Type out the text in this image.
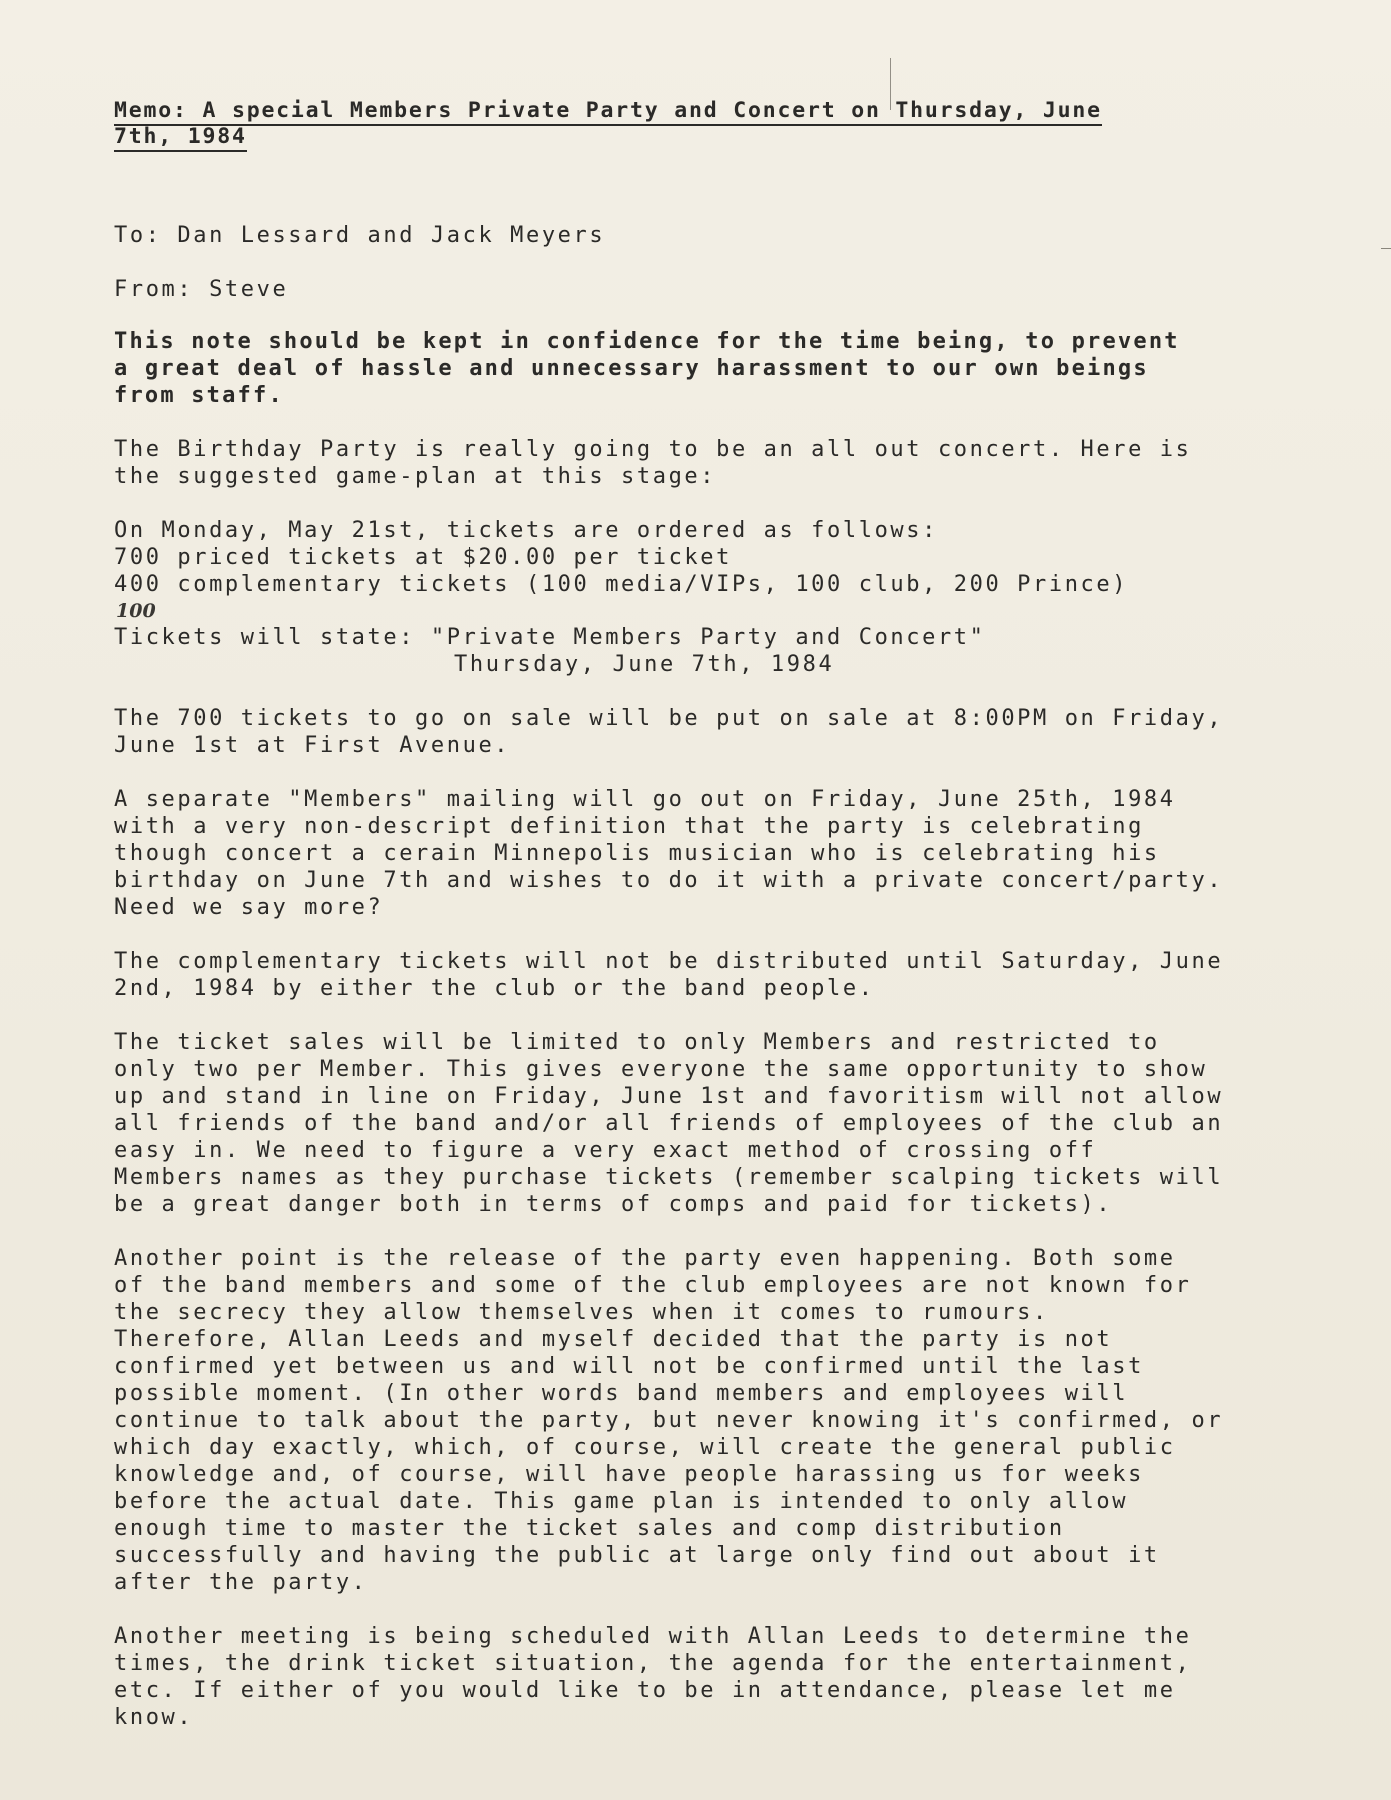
Memo: A special Members Private Party and Concert on Thursday, June
7th, 1984

To: Dan Lessard and Jack Meyers

From: Steve

This note should be kept in confidence for the time being, to prevent
a great deal of hassle and unnecessary harassment to our own beings
from staff.

The Birthday Party is really going to be an all out concert. Here is
the suggested game-plan at this stage:

On Monday, May 21st, tickets are ordered as follows:
700 priced tickets at $20.00 per ticket
400 complementary tickets (100 media/VIPs, 100 club, 200 Prince)

100

Tickets will state: "Private Members Party and Concert"

Thursday, June 7th, 1984

The 700 tickets to go on sale will be put on sale at 8:00PM on Friday,
June 1st at First Avenue.

A separate "Members" mailing will go out on Friday, June 25th, 1984
with a very non-descript definition that the party is celebrating
though concert a cerain Minnepolis musician who is celebrating his
birthday on June 7th and wishes to do it with a private concert/party.
Need we say more?

The complementary tickets will not be distributed until Saturday, June
2nd, 1984 by either the club or the band people.

The ticket sales will be limited to only Members and restricted to
only two per Member. This gives everyone the same opportunity to show
up and stand in line on Friday, June 1st and favoritism will not allow
all friends of the band and/or all friends of employees of the club an
easy in. We need to figure a very exact method of crossing off
Members names as they purchase tickets (remember scalping tickets will
be a great danger both in terms of comps and paid for tickets).

Another point is the release of the party even happening. Both some
of the band members and some of the club employees are not known for
the secrecy they allow themselves when it comes to rumours.
Therefore, Allan Leeds and myself decided that the party is not
confirmed yet between us and will not be confirmed until the last
possible moment. (In other words band members and employees will
continue to talk about the party, but never knowing it's confirmed, or
which day exactly, which, of course, will create the general public
knowledge and, of course, will have people harassing us for weeks
before the actual date. This game plan is intended to only allow
enough time to master the ticket sales and comp distribution
successfully and having the public at large only find out about it
after the party.

Another meeting is being scheduled with Allan Leeds to determine the
times, the drink ticket situation, the agenda for the entertainment,
etc. If either of you would like to be in attendance, please let me
know.
